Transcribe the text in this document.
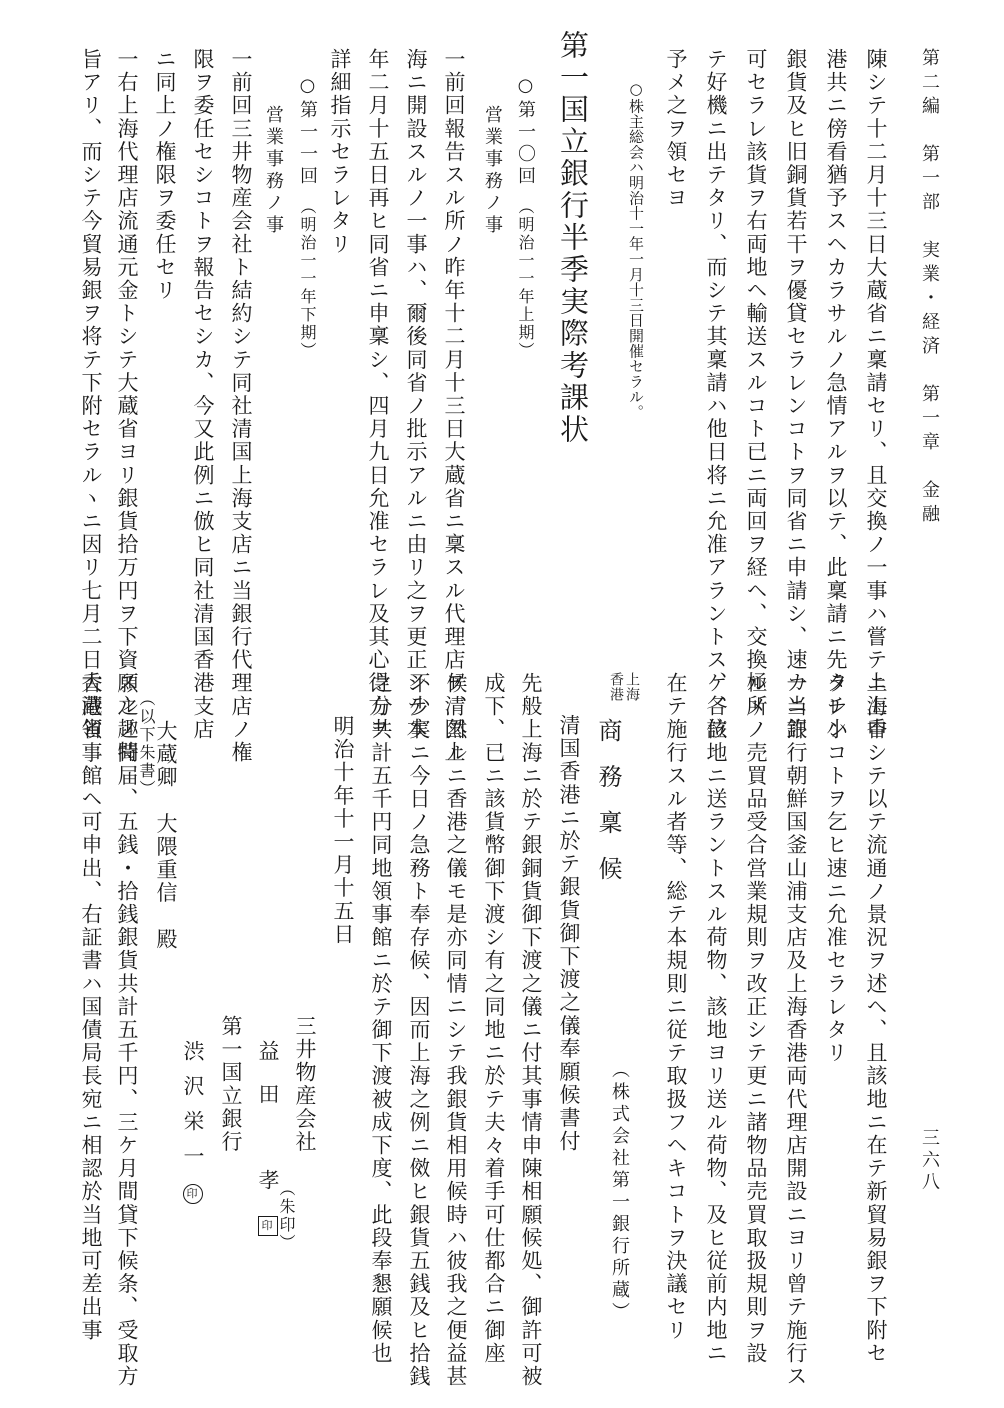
第二編　第一部　実業・経済　第一章　金融
三六八
陳シテ十二月十三日大蔵省ニ稟請セリ、且交換ノ一事ハ嘗テ上海香
港共ニ傍看猶予スヘカラサルノ急情アルヲ以テ、此稟請ニ先タチ小
銀貨及ヒ旧銅貨若干ヲ優貸セラレンコトヲ同省ニ申請シ、速カニ許
可セラレ該貨ヲ右両地ヘ輸送スルコト已ニ両回ヲ経ヘ、交換極メ
テ好機ニ出テタリ、而シテ其稟請ハ他日将ニ允准アラントス、各位
予メ之ヲ領セヨ
○株主総会ハ明治十一年一月十三日開催セラル。
第一国立銀行半季実際考課状
○第一〇回（明治一一年上期）
営業事務ノ事
一前回報告スル所ノ昨年十二月十三日大蔵省ニ稟スル代理店ヲ清国上
海ニ開設スルノ一事ハ、爾後同省ノ批示アルニ由リ之ヲ更正シテ本
年二月十五日再ヒ同省ニ申稟シ、四月九日允准セラレ及其心得方ヲ
詳細指示セラレタリ
○第一一回（明治一一年下期）
営業事務ノ事
一前回三井物産会社ト結約シテ同社清国上海支店ニ当銀行代理店ノ権
限ヲ委任セシコトヲ報告セシカ、今又此例ニ倣ヒ同社清国香港支店
ニ同上ノ権限ヲ委任セリ
一右上海代理店流通元金トシテ大蔵省ヨリ銀貨拾万円ヲ下資スルノ特
旨アリ、而シテ今貿易銀ヲ将テ下附セラルヽニ因リ七月二日大蔵省
ニ上申シテ以テ流通ノ景況ヲ述ヘ、且該地ニ在テ新貿易銀ヲ下附セ
ラレンコトヲ乞ヒ速ニ允准セラレタリ
一当銀行朝鮮国釜山浦支店及上海香港両代理店開設ニヨリ曾テ施行ス
ル所ノ売買品受合営業規則ヲ改正シテ更ニ諸物品売買取扱規則ヲ設
ケ、該地ニ送ラントスル荷物、該地ヨリ送ル荷物、及ヒ従前内地ニ
在テ施行スル者等、総テ本規則ニ従テ取扱フヘキコトヲ決議セリ
（株式会社第一銀行所蔵）
上海
香港
商務稟候
清国香港ニ於テ銀貨御下渡之儀奉願候書付
先般上海ニ於テ銀銅貨御下渡之儀ニ付其事情申陳相願候処、御許可被
成下、已ニ該貨幣御下渡シ有之同地ニ於テ夫々着手可仕都合ニ御座
候、然ルニ香港之儀モ是亦同情ニシテ我銀貨相用候時ハ彼我之便益甚
不少実ニ今日ノ急務ト奉存候、因而上海之例ニ傚ヒ銀貨五銭及ヒ拾銭
之分共計五千円同地領事館ニ於テ御下渡被成下度、此段奉懇願候也
明治十年十一月十五日
三井物産会社
益田　孝印 （朱印）
第一国立銀行
渋沢栄一印
大蔵卿　大隈重信　殿
（以下朱書）
願之趣聞届、五銭・拾銭銀貨共計五千円、三ケ月間貸下候条、受取方
香港領事館ヘ可申出、右証書ハ国債局長宛ニ相認於当地可差出事
